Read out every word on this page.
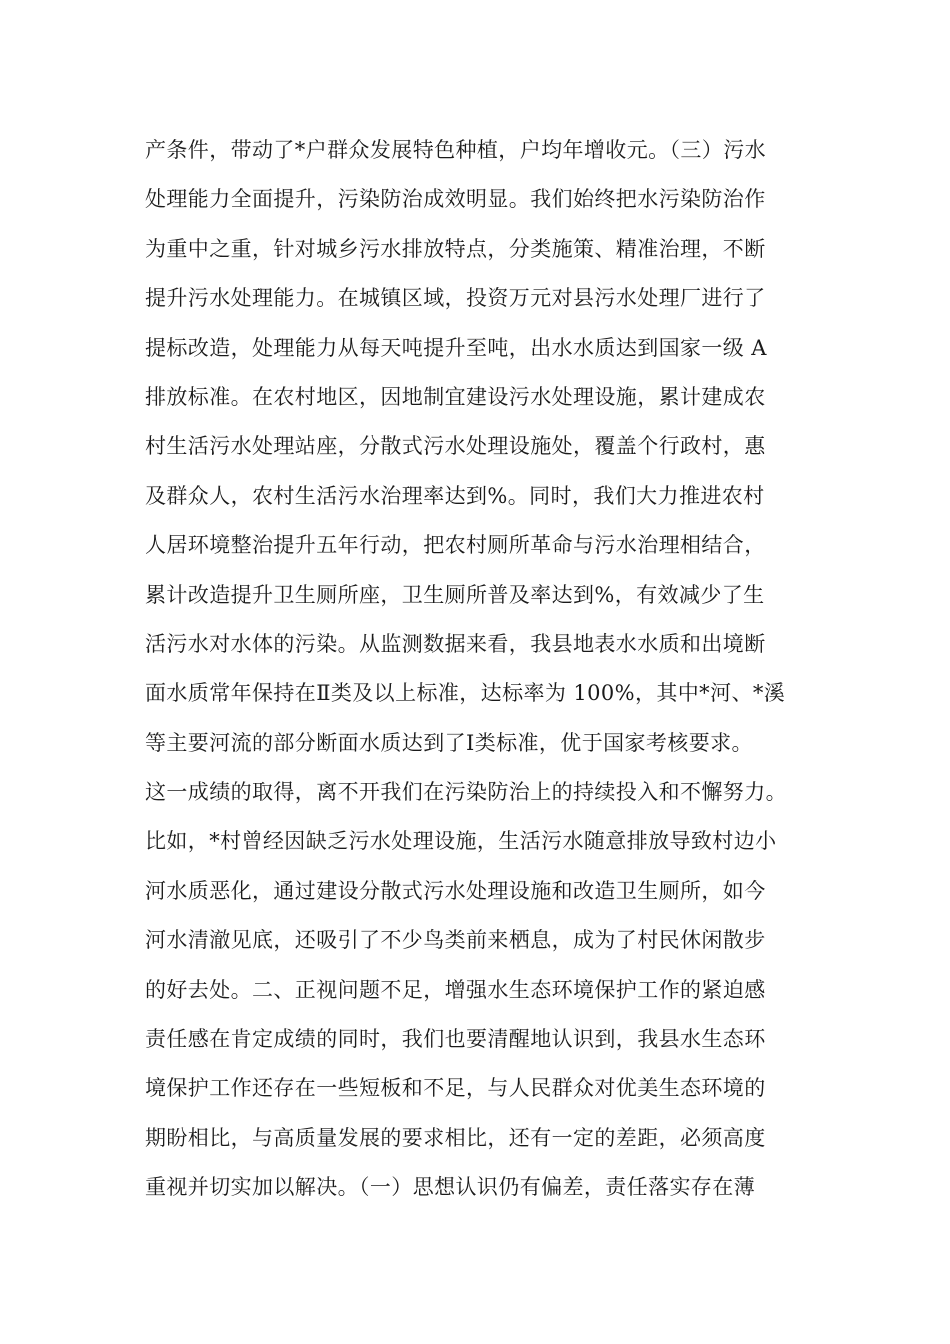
产条件，带动了*户群众发展特色种植，户均年增收元。（三）污水
处理能力全面提升，污染防治成效明显。我们始终把水污染防治作
为重中之重，针对城乡污水排放特点，分类施策、精准治理，不断
提升污水处理能力。在城镇区域，投资万元对县污水处理厂进行了
提标改造，处理能力从每天吨提升至吨，出水水质达到国家一级 A
排放标准。在农村地区，因地制宜建设污水处理设施，累计建成农
村生活污水处理站座，分散式污水处理设施处，覆盖个行政村，惠
及群众人，农村生活污水治理率达到%。同时，我们大力推进农村
人居环境整治提升五年行动，把农村厕所革命与污水治理相结合，
累计改造提升卫生厕所座，卫生厕所普及率达到%，有效减少了生
活污水对水体的污染。从监测数据来看，我县地表水水质和出境断
面水质常年保持在Ⅱ类及以上标准，达标率为 100%，其中*河、*溪
等主要河流的部分断面水质达到了Ⅰ类标准，优于国家考核要求。
这一成绩的取得，离不开我们在污染防治上的持续投入和不懈努力。
比如，*村曾经因缺乏污水处理设施，生活污水随意排放导致村边小
河水质恶化，通过建设分散式污水处理设施和改造卫生厕所，如今
河水清澈见底，还吸引了不少鸟类前来栖息，成为了村民休闲散步
的好去处。二、正视问题不足，增强水生态环境保护工作的紧迫感
责任感在肯定成绩的同时，我们也要清醒地认识到，我县水生态环
境保护工作还存在一些短板和不足，与人民群众对优美生态环境的
期盼相比，与高质量发展的要求相比，还有一定的差距，必须高度
重视并切实加以解决。（一）思想认识仍有偏差，责任落实存在薄
